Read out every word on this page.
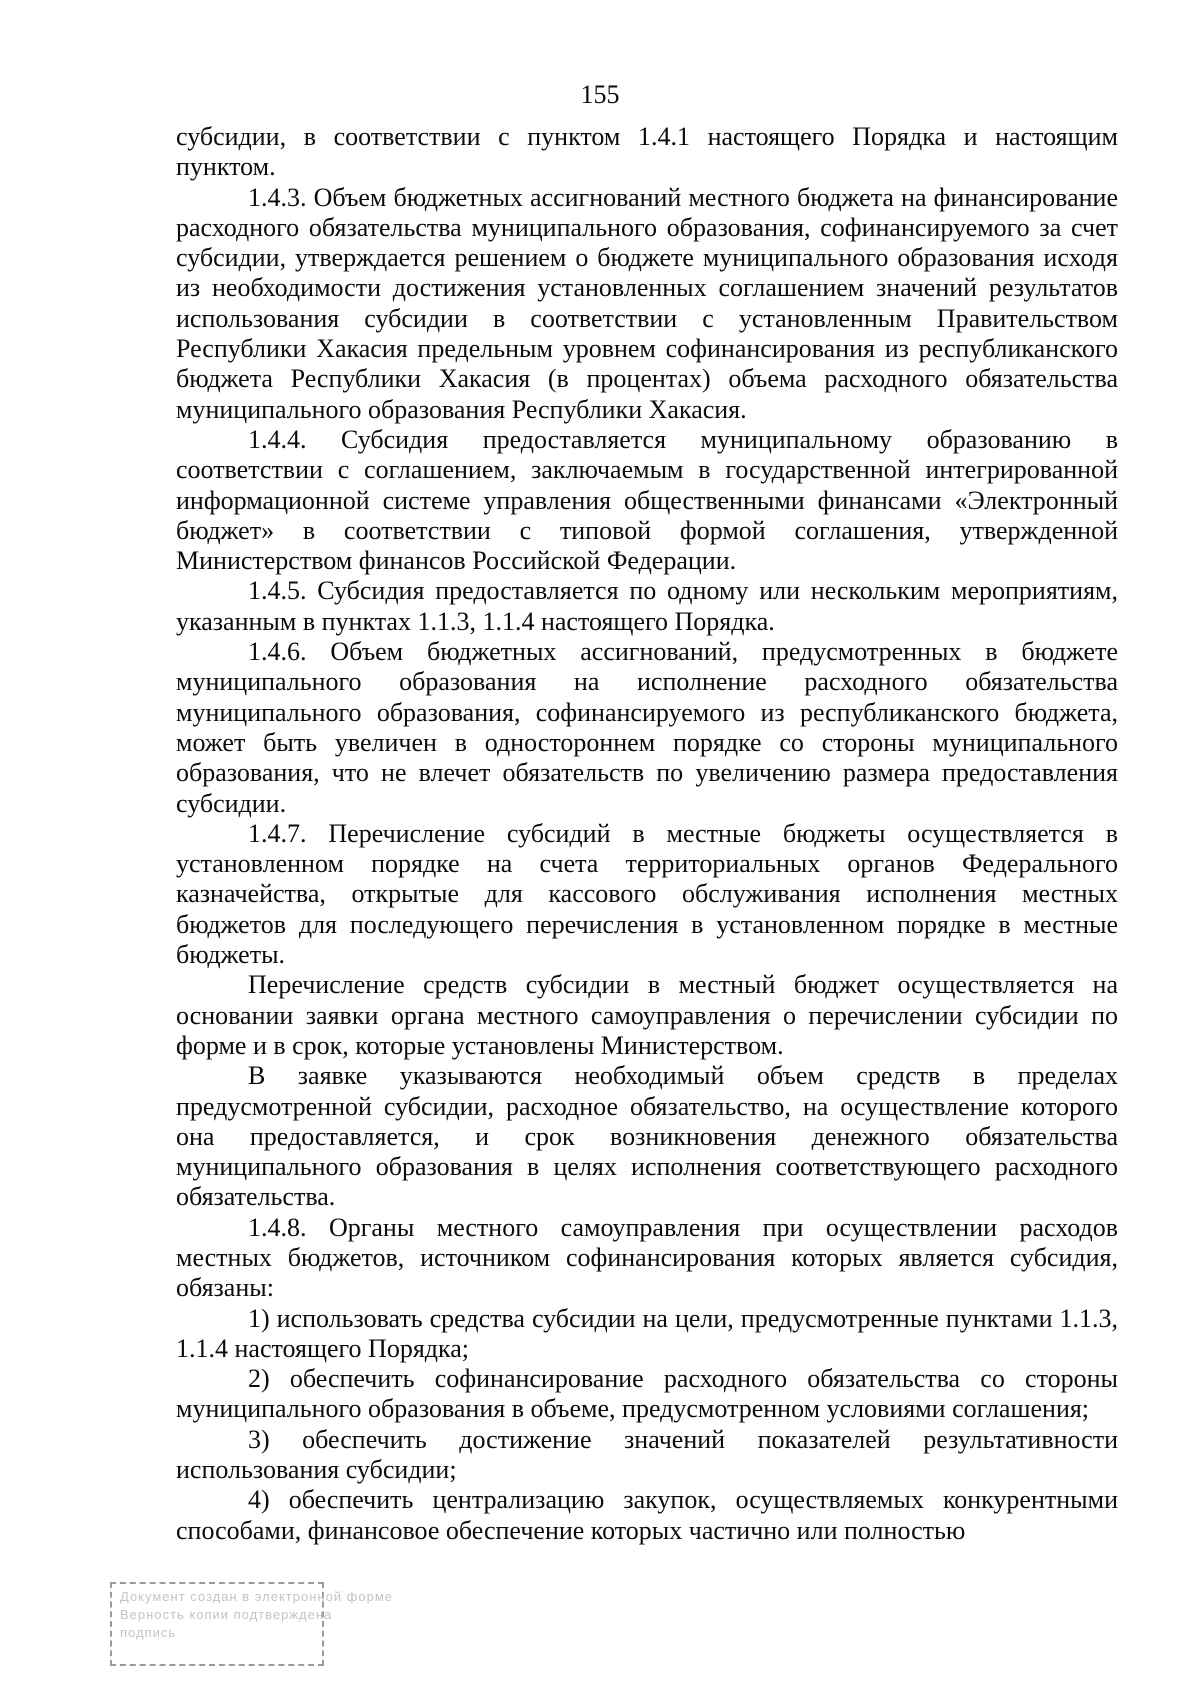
155

субсидии, в соответствии с пунктом 1.4.1 настоящего Порядка и настоящим пунктом.

1.4.3. Объем бюджетных ассигнований местного бюджета на финансирование расходного обязательства муниципального образования, софинансируемого за счет субсидии, утверждается решением о бюджете муниципального образования исходя из необходимости достижения установленных соглашением значений результатов использования субсидии в соответствии с установленным Правительством Республики Хакасия предельным уровнем софинансирования из республиканского бюджета Республики Хакасия (в процентах) объема расходного обязательства муниципального образования Республики Хакасия.

1.4.4. Субсидия предоставляется муниципальному образованию в соответствии с соглашением, заключаемым в государственной интегрированной информационной системе управления общественными финансами «Электронный бюджет» в соответствии с типовой формой соглашения, утвержденной Министерством финансов Российской Федерации.

1.4.5. Субсидия предоставляется по одному или нескольким мероприятиям, указанным в пунктах 1.1.3, 1.1.4 настоящего Порядка.

1.4.6. Объем бюджетных ассигнований, предусмотренных в бюджете муниципального образования на исполнение расходного обязательства муниципального образования, софинансируемого из республиканского бюджета, может быть увеличен в одностороннем порядке со стороны муниципального образования, что не влечет обязательств по увеличению размера предоставления субсидии.

1.4.7. Перечисление субсидий в местные бюджеты осуществляется в установленном порядке на счета территориальных органов Федерального казначейства, открытые для кассового обслуживания исполнения местных бюджетов для последующего перечисления в установленном порядке в местные бюджеты.

Перечисление средств субсидии в местный бюджет осуществляется на основании заявки органа местного самоуправления о перечислении субсидии по форме и в срок, которые установлены Министерством.

В заявке указываются необходимый объем средств в пределах предусмотренной субсидии, расходное обязательство, на осуществление которого она предоставляется, и срок возникновения денежного обязательства муниципального образования в целях исполнения соответствующего расходного обязательства.

1.4.8. Органы местного самоуправления при осуществлении расходов местных бюджетов, источником софинансирования которых является субсидия, обязаны:

1) использовать средства субсидии на цели, предусмотренные пунктами 1.1.3, 1.1.4 настоящего Порядка;

2) обеспечить софинансирование расходного обязательства со стороны муниципального образования в объеме, предусмотренном условиями соглашения;

3) обеспечить достижение значений показателей результативности использования субсидии;

4) обеспечить централизацию закупок, осуществляемых конкурентными способами, финансовое обеспечение которых частично или полностью

Документ создан в электронной форме
Верность копии подтверждена
подпись
